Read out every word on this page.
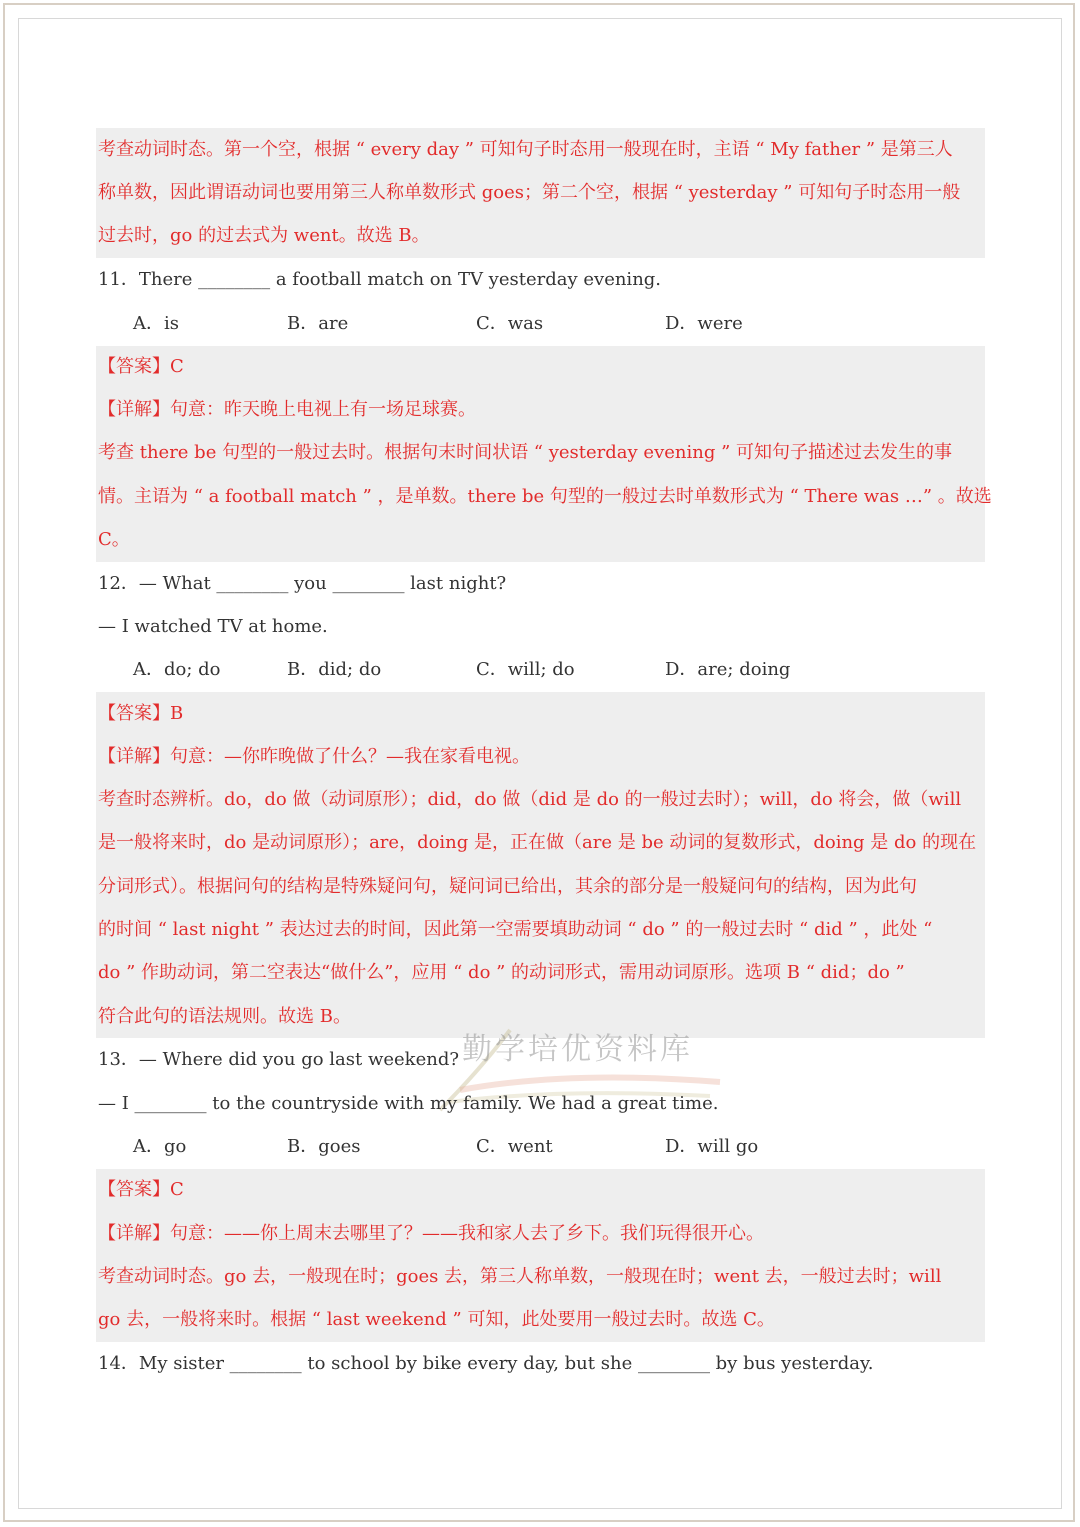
考查动词时态。第一个空，根据 “ every day ” 可知句子时态用一般现在时，主语 “ My father ” 是第三人
称单数，因此谓语动词也要用第三人称单数形式 goes；第二个空，根据 “ yesterday ” 可知句子时态用一般
过去时，go 的过去式为 went。故选 B。
11．There ________ a football match on TV yesterday evening.
A．is	B．are	C．was	D．were
【答案】C
【详解】句意：昨天晚上电视上有一场足球赛。
考查 there be 句型的一般过去时。根据句末时间状语 “ yesterday evening ” 可知句子描述过去发生的事
情。主语为 “ a football match ” ，是单数。there be 句型的一般过去时单数形式为 “ There was …” 。故选
C。
12．— What ________ you ________ last night?
— I watched TV at home.
A．do; do	B．did; do	C．will; do	D．are; doing
【答案】B
【详解】句意：—你昨晚做了什么？—我在家看电视。
考查时态辨析。do，do 做（动词原形）；did，do 做（did 是 do 的一般过去时）；will，do 将会，做（will
是一般将来时，do 是动词原形）；are，doing 是，正在做（are 是 be 动词的复数形式，doing 是 do 的现在
分词形式）。根据问句的结构是特殊疑问句，疑问词已给出，其余的部分是一般疑问句的结构，因为此句
的时间 “ last night ” 表达过去的时间，因此第一空需要填助动词 “ do ” 的一般过去时 “ did ” ，此处 “
do ” 作助动词，第二空表达“做什么”，应用 “ do ” 的动词形式，需用动词原形。选项 B “ did；do ”
符合此句的语法规则。故选 B。
勤学培优资料库
13．— Where did you go last weekend?
— I ________ to the countryside with my family. We had a great time.
A．go	B．goes	C．went	D．will go
【答案】C
【详解】句意：——你上周末去哪里了？——我和家人去了乡下。我们玩得很开心。
考查动词时态。go 去，一般现在时；goes 去，第三人称单数，一般现在时；went 去，一般过去时；will
go 去，一般将来时。根据 “ last weekend ” 可知，此处要用一般过去时。故选 C。
14．My sister ________ to school by bike every day, but she ________ by bus yesterday.
